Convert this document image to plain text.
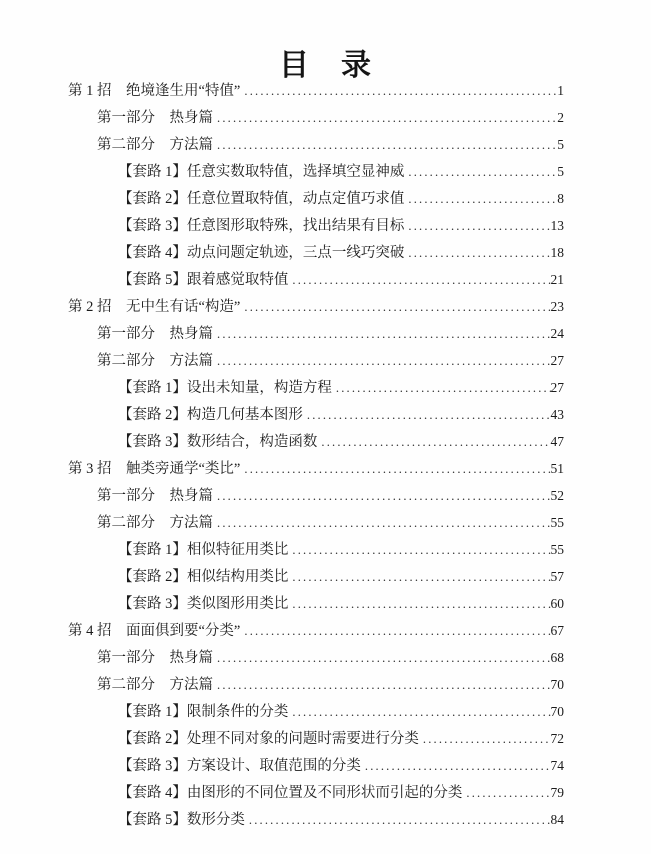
目　录
第 1 招　绝境逢生用“特值” .....	1
第一部分　热身篇 .....	2
第二部分　方法篇 .....	5
【套路 1】任意实数取特值，选择填空显神威 .....	5
【套路 2】任意位置取特值，动点定值巧求值 .....	8
【套路 3】任意图形取特殊，找出结果有目标 .....	13
【套路 4】动点问题定轨迹，三点一线巧突破 .....	18
【套路 5】跟着感觉取特值 .....	21
第 2 招　无中生有话“构造” .....	23
第一部分　热身篇 .....	24
第二部分　方法篇 .....	27
【套路 1】设出未知量，构造方程 .....	27
【套路 2】构造几何基本图形 .....	43
【套路 3】数形结合，构造函数 .....	47
第 3 招　触类旁通学“类比” .....	51
第一部分　热身篇 .....	52
第二部分　方法篇 .....	55
【套路 1】相似特征用类比 .....	55
【套路 2】相似结构用类比 .....	57
【套路 3】类似图形用类比 .....	60
第 4 招　面面俱到要“分类” .....	67
第一部分　热身篇 .....	68
第二部分　方法篇 .....	70
【套路 1】限制条件的分类 .....	70
【套路 2】处理不同对象的问题时需要进行分类 .....	72
【套路 3】方案设计、取值范围的分类 .....	74
【套路 4】由图形的不同位置及不同形状而引起的分类 .....	79
【套路 5】数形分类 .....	84
